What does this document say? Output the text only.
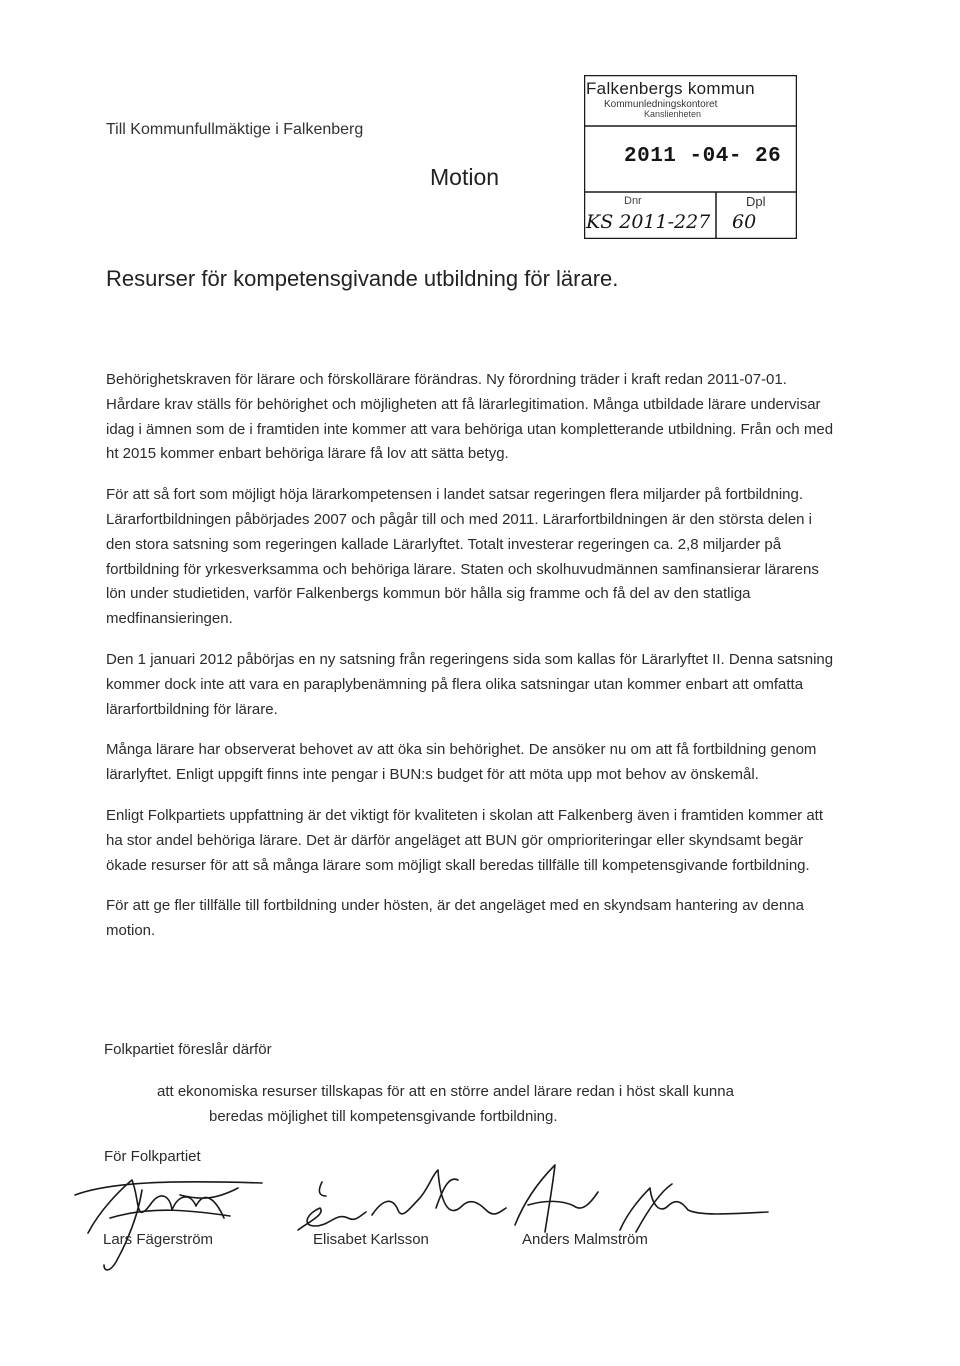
Till Kommunfullmäktige i Falkenberg
Motion
Falkenbergs kommun
Kommunledningskontoret
Kanslienheten
2011 -04- 26
Dnr	Dpl
KS 2011-227 60
Resurser för kompetensgivande utbildning för lärare.

Behörighetskraven för lärare och förskollärare förändras. Ny förordning träder i kraft redan 2011-07-01. Hårdare krav ställs för behörighet och möjligheten att få lärarlegitimation. Många utbildade lärare undervisar idag i ämnen som de i framtiden inte kommer att vara behöriga utan kompletterande utbildning. Från och med ht 2015 kommer enbart behöriga lärare få lov att sätta betyg.

För att så fort som möjligt höja lärarkompetensen i landet satsar regeringen flera miljarder på fortbildning. Lärarfortbildningen påbörjades 2007 och pågår till och med 2011. Lärarfortbildningen är den största delen i den stora satsning som regeringen kallade Lärarlyftet. Totalt investerar regeringen ca. 2,8 miljarder på fortbildning för yrkesverksamma och behöriga lärare. Staten och skolhuvudmännen samfinansierar lärarens lön under studietiden, varför Falkenbergs kommun bör hålla sig framme och få del av den statliga medfinansieringen.

Den 1 januari 2012 påbörjas en ny satsning från regeringens sida som kallas för Lärarlyftet II. Denna satsning kommer dock inte att vara en paraplybenämning på flera olika satsningar utan kommer enbart att omfatta lärarfortbildning för lärare.

Många lärare har observerat behovet av att öka sin behörighet. De ansöker nu om att få fortbildning genom lärarlyftet. Enligt uppgift finns inte pengar i BUN:s budget för att möta upp mot behov av önskemål.

Enligt Folkpartiets uppfattning är det viktigt för kvaliteten i skolan att Falkenberg även i framtiden kommer att ha stor andel behöriga lärare. Det är därför angeläget att BUN gör omprioriteringar eller skyndsamt begär ökade resurser för att så många lärare som möjligt skall beredas tillfälle till kompetensgivande fortbildning.

För att ge fler tillfälle till fortbildning under hösten, är det angeläget med en skyndsam hantering av denna motion.

Folkpartiet föreslår därför
att ekonomiska resurser tillskapas för att en större andel lärare redan i höst skall kunna
beredas möjlighet till kompetensgivande fortbildning.
För Folkpartiet
Lars Fägerström	Elisabet Karlsson	Anders Malmström
